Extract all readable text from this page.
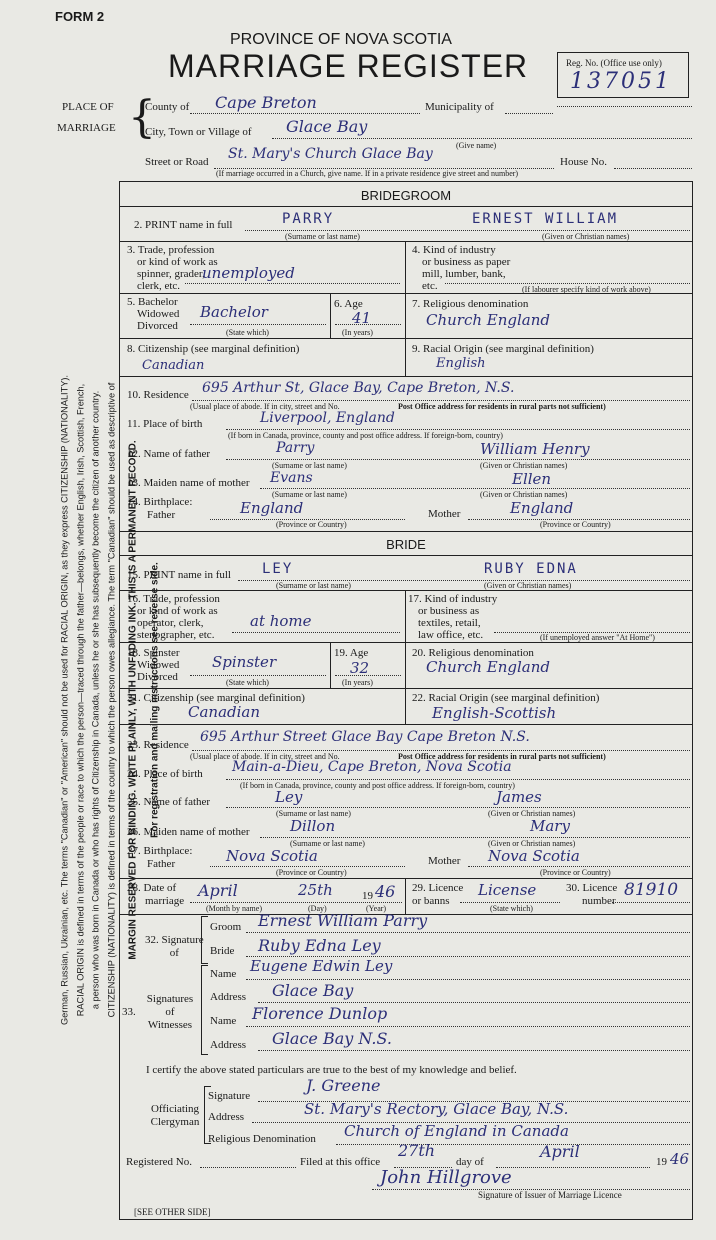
FORM 2
PROVINCE OF NOVA SCOTIA
MARRIAGE REGISTER	Reg. No. (Office use only)
137051
PLACE OF
MARRIAGE {
County of Cape Breton	Municipality of
City, Town or Village of Glace Bay
(Give name)
Street or Road St. Mary's Church Glace Bay	House No.
(If marriage occurred in a Church, give name. If in a private residence give street and number)
German, Russian, Ukrainian, etc. The terms "Canadian" or "American" should not be used for RACIAL ORIGIN, as they express CITIZENSHIP (NATIONALITY). RACIAL ORIGIN is defined in terms of the people or race to which the person—traced through the father—belongs, whether English, Irish, Scottish, French, a person who was born in Canada or who has rights of Citizenship in Canada, unless he or she has subsequently become the citizen of another country. CITIZENSHIP (NATIONALITY) is defined in terms of the country to which the person owes allegiance. The term "Canadian" should be used as descriptive of	MARGIN RESERVED FOR BINDING. WRITE PLAINLY, WITH UNFADING INK. THIS IS A PERMANENT RECORD. For registration and mailing instructions see reverse side.
BRIDEGROOM
2. PRINT name in full	PARRY	ERNEST WILLIAM
(Surname or last name)	(Given or Christian names)
3. Trade, profession
or kind of work as
spinner, grader,
clerk, etc.
unemployed
4. Kind of industry
or business as paper
mill, lumber, bank,
etc.	(If labourer specify kind of work above)
5. Bachelor
Widowed
Divorced
Bachelor
(State which)
6. Age
41
(In years)
7. Religious denomination
Church England
8. Citizenship (see marginal definition)
Canadian
9. Racial Origin (see marginal definition)
English
10. Residence 695 Arthur St, Glace Bay, Cape Breton, N.S.
(Usual place of abode. If in city, street and No.	Post Office address for residents in rural parts not sufficient)
11. Place of birth	Liverpool, England
(If born in Canada, province, county and post office address. If foreign-born, country)
12. Name of father	Parry	William Henry
(Surname or last name)	(Given or Christian names)
13. Maiden name of mother Evans	Ellen
(Surname or last name)	(Given or Christian names)
14. Birthplace:
Father	England
(Province or Country)
Mother	England
(Province or Country)
BRIDE
15. PRINT name in full LEY	RUBY EDNA
(Surname or last name)	(Given or Christian names)
16. Trade, profession
or kind of work as
operator, clerk,
stenographer, etc.
at home
17. Kind of industry
or business as
textiles, retail,
law office, etc.	(If unemployed answer "At Home")
18. Spinster
Widowed
Divorced
Spinster
(State which)
19. Age
32
(In years)
20. Religious denomination
Church England
21. Citizenship (see marginal definition)
Canadian
22. Racial Origin (see marginal definition)
English-Scottish
23. Residence 695 Arthur Street Glace Bay Cape Breton N.S.
(Usual place of abode. If in city, street and No.	Post Office address for residents in rural parts not sufficient)
24. Place of birth Main-a-Dieu, Cape Breton, Nova Scotia
(If born in Canada, province, county and post office address. If foreign-born, country)
25. Name of father	Ley	James
(Surname or last name)	(Given or Christian names)
26. Maiden name of mother	Dillon	Mary
(Surname or last name)	(Given or Christian names)
27. Birthplace:
Father	Nova Scotia
(Province or Country)
Mother Nova Scotia
(Province or Country)
28. Date of
marriage
April	25th	19 46
(Month by name)	(Day)	(Year)
29. Licence
or banns
License
(State which)
30. Licence
number
81910
32. Signature
of
Groom Ernest William Parry
Bride Ruby Edna Ley
33.
Signatures
of
Witnesses
Name Eugene Edwin Ley
Address Glace Bay
Name Florence Dunlop
Address Glace Bay N.S.
I certify the above stated particulars are true to the best of my knowledge and belief.
Officiating
Clergyman
Signature
J. Greene
Address	St. Mary's Rectory, Glace Bay, N.S.
Religious Denomination Church of England in Canada
Registered No.	Filed at this office
27th
day of
April
19 46
John Hillgrove
Signature of Issuer of Marriage Licence
[SEE OTHER SIDE]
